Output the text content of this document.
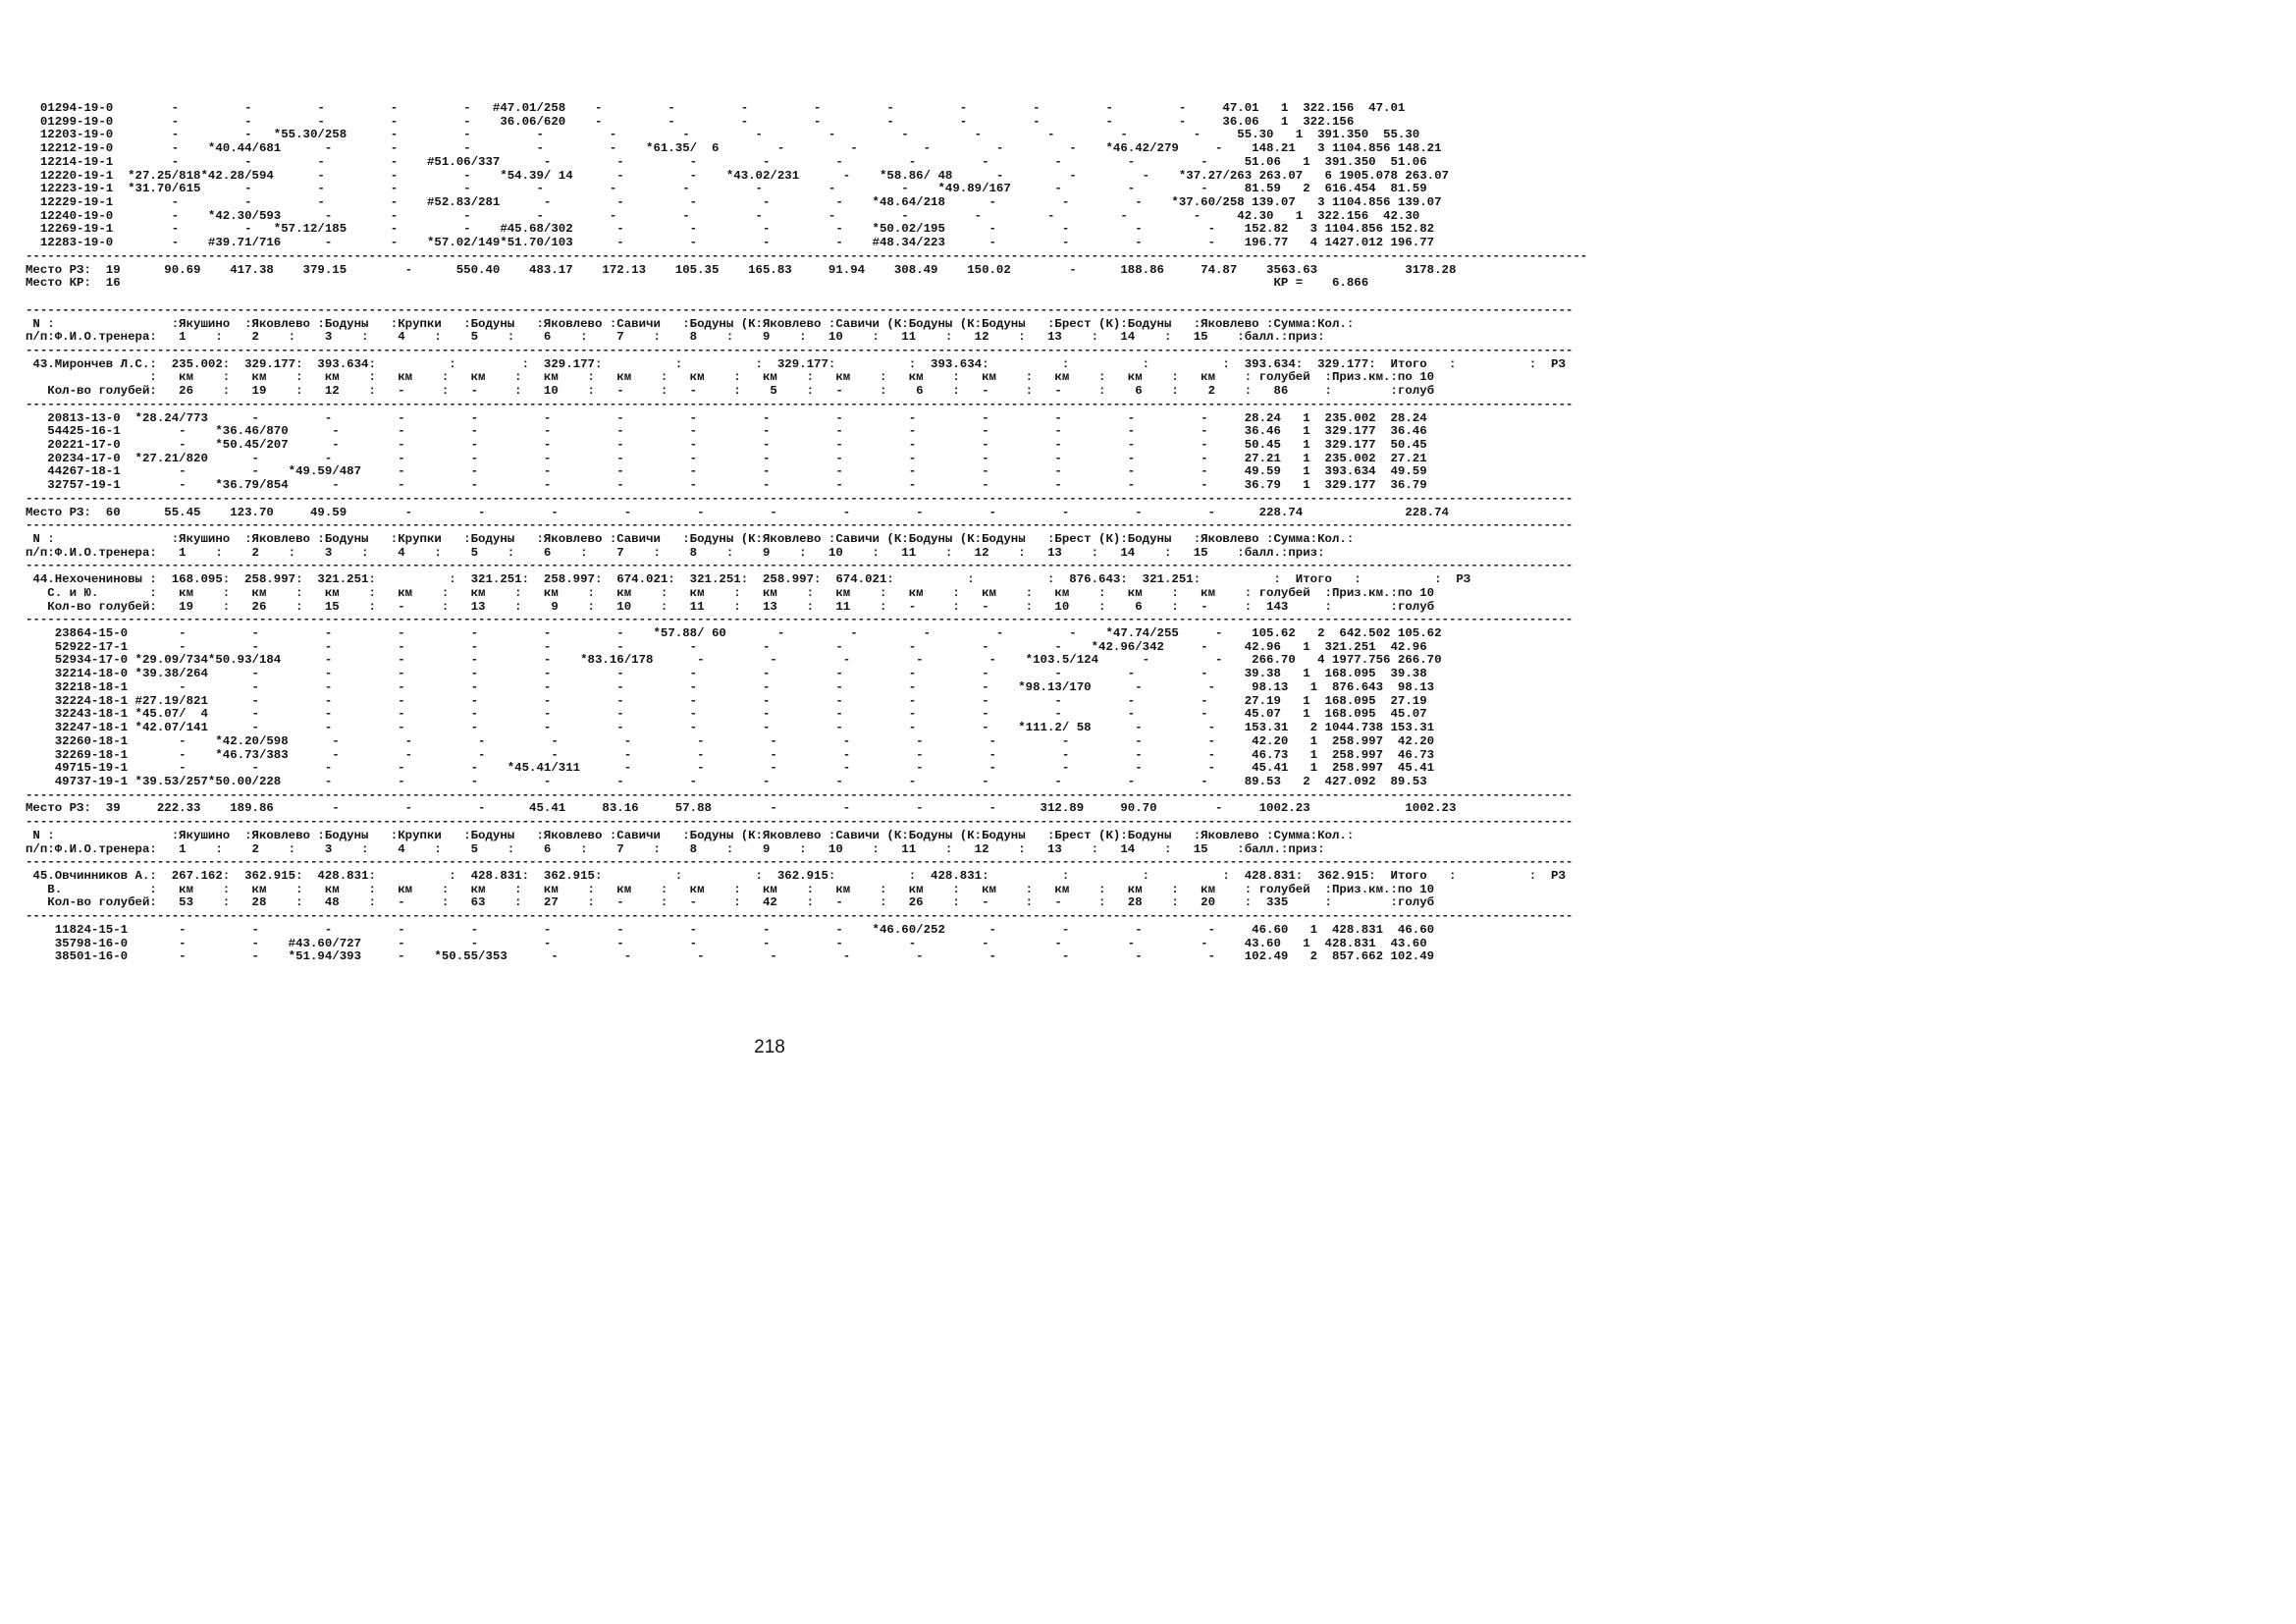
01294-19-0        -         -         -         -         -   #47.01/258    -         -         -         -         -         -         -         -         -     47.01   1  322.156  47.01
01299-19-0        -         -         -         -         -    36.06/620    -         -         -         -         -         -         -         -         -     36.06   1  322.156
12203-19-0        -         -   *55.30/258      -         -         -         -         -         -         -         -         -         -         -         -     55.30   1  391.350  55.30
12212-19-0        -    *40.44/681      -        -         -         -         -    *61.35/  6        -         -         -         -         -    *46.42/279     -    148.21   3 1104.856 148.21
12214-19-1        -         -         -         -    #51.06/337      -         -         -         -         -         -         -         -         -         -     51.06   1  391.350  51.06
12220-19-1  *27.25/818*42.28/594      -         -         -    *54.39/ 14      -         -    *43.02/231      -    *58.86/ 48      -         -         -    *37.27/263 263.07   6 1905.078 263.07
12223-19-1  *31.70/615      -         -         -         -         -         -         -         -         -         -    *49.89/167      -         -         -     81.59   2  616.454  81.59
12229-19-1        -         -         -         -    #52.83/281      -         -         -         -         -    *48.64/218      -         -         -    *37.60/258 139.07   3 1104.856 139.07
12240-19-0        -    *42.30/593      -        -         -         -         -         -         -         -         -         -         -         -         -     42.30   1  322.156  42.30
12269-19-1        -         -   *57.12/185      -         -    #45.68/302      -         -         -         -    *50.02/195      -         -         -         -    152.82   3 1104.856 152.82
12283-19-0        -    #39.71/716      -        -    *57.02/149*51.70/103      -         -         -         -    #48.34/223      -         -         -         -    196.77   4 1427.012 196.77
----------------------------------------------------------------------------------------------------------------------------------------------------------------------------------------------------------------------
Место РЗ:  19      90.69    417.38    379.15        -      550.40    483.17    172.13    105.35    165.83     91.94    308.49    150.02        -      188.86     74.87    3563.63            3178.28
Место КР:  16                                                                                                                                                              КР =    6.866
--------------------------------------------------------------------------------------------------------------------------------------------------------------------------------------------------------------------
N :                :Якушино  :Яковлево :Бодуны   :Крупки   :Бодуны   :Яковлево :Савичи   :Бодуны (К:Яковлево :Савичи (К:Бодуны (К:Бодуны   :Брест (К):Бодуны   :Яковлево :Сумма:Кол.:
п/п:Ф.И.О.тренера:   1    :    2    :    3    :    4    :    5    :    6    :    7    :    8    :    9    :   10    :   11    :   12    :   13    :   14    :   15    :балл.:приз:
--------------------------------------------------------------------------------------------------------------------------------------------------------------------------------------------------------------------
43.Мирончев Л.С.:  235.002:  329.177:  393.634:          :         :  329.177:          :          :  329.177:          :  393.634:          :          :          :  393.634:  329.177:  Итого   :          :  РЗ
:   км    :   км    :   км    :   км    :   км    :   км    :   км    :   км    :   км    :   км    :   км    :   км    :   км    :   км    :   км    : голубей  :Приз.км.:по 10
Кол-во голубей:   26    :   19    :   12    :   -     :   -     :   10    :   -     :   -     :    5    :   -     :    6    :   -     :   -     :    6    :    2    :   86     :        :голуб
--------------------------------------------------------------------------------------------------------------------------------------------------------------------------------------------------------------------
20813-13-0  *28.24/773      -         -         -         -         -         -         -         -         -         -         -         -         -         -     28.24   1  235.002  28.24
54425-16-1        -    *36.46/870      -        -         -         -         -         -         -         -         -         -         -         -         -     36.46   1  329.177  36.46
20221-17-0        -    *50.45/207      -        -         -         -         -         -         -         -         -         -         -         -         -     50.45   1  329.177  50.45
20234-17-0  *27.21/820      -         -         -         -         -         -         -         -         -         -         -         -         -         -     27.21   1  235.002  27.21
44267-18-1        -         -    *49.59/487     -         -         -         -         -         -         -         -         -         -         -         -     49.59   1  393.634  49.59
32757-19-1        -    *36.79/854      -        -         -         -         -         -         -         -         -         -         -         -         -     36.79   1  329.177  36.79
--------------------------------------------------------------------------------------------------------------------------------------------------------------------------------------------------------------------
Место РЗ:  60      55.45    123.70     49.59        -         -         -         -         -         -         -         -         -         -         -         -      228.74              228.74
--------------------------------------------------------------------------------------------------------------------------------------------------------------------------------------------------------------------
N :                :Якушино  :Яковлево :Бодуны   :Крупки   :Бодуны   :Яковлево :Савичи   :Бодуны (К:Яковлево :Савичи (К:Бодуны (К:Бодуны   :Брест (К):Бодуны   :Яковлево :Сумма:Кол.:
п/п:Ф.И.О.тренера:   1    :    2    :    3    :    4    :    5    :    6    :    7    :    8    :    9    :   10    :   11    :   12    :   13    :   14    :   15    :балл.:приз:
--------------------------------------------------------------------------------------------------------------------------------------------------------------------------------------------------------------------
44.Нехочениновы :  168.095:  258.997:  321.251:          :  321.251:  258.997:  674.021:  321.251:  258.997:  674.021:          :          :  876.643:  321.251:          :  Итого   :          :  РЗ
С. и Ю.       :   км    :   км    :   км    :   км    :   км    :   км    :   км    :   км    :   км    :   км    :   км    :   км    :   км    :   км    :   км    : голубей  :Приз.км.:по 10
Кол-во голубей:   19    :   26    :   15    :   -     :   13    :    9    :   10    :   11    :   13    :   11    :   -     :   -     :   10    :    6    :   -     :  143     :        :голуб
--------------------------------------------------------------------------------------------------------------------------------------------------------------------------------------------------------------------
23864-15-0       -         -         -         -         -         -         -    *57.88/ 60       -         -         -         -         -    *47.74/255     -    105.62   2  642.502 105.62
52922-17-1       -         -         -         -         -         -         -         -         -         -         -         -         -    *42.96/342     -     42.96   1  321.251  42.96
52934-17-0 *29.09/734*50.93/184      -         -         -         -    *83.16/178      -         -         -         -         -    *103.5/124      -         -    266.70   4 1977.756 266.70
32214-18-0 *39.38/264      -         -         -         -         -         -         -         -         -         -         -         -         -         -     39.38   1  168.095  39.38
32218-18-1       -         -         -         -         -         -         -         -         -         -         -         -    *98.13/170      -         -     98.13   1  876.643  98.13
32224-18-1 #27.19/821      -         -         -         -         -         -         -         -         -         -         -         -         -         -     27.19   1  168.095  27.19
32243-18-1 *45.07/  4      -         -         -         -         -         -         -         -         -         -         -         -         -         -     45.07   1  168.095  45.07
32247-18-1 *42.07/141      -         -         -         -         -         -         -         -         -         -         -    *111.2/ 58      -         -    153.31   2 1044.738 153.31
32260-18-1       -    *42.20/598      -         -         -         -         -         -         -         -         -         -         -         -         -     42.20   1  258.997  42.20
32269-18-1       -    *46.73/383      -         -         -         -         -         -         -         -         -         -         -         -         -     46.73   1  258.997  46.73
49715-19-1       -         -         -         -         -    *45.41/311      -         -         -         -         -         -         -         -         -     45.41   1  258.997  45.41
49737-19-1 *39.53/257*50.00/228      -         -         -         -         -         -         -         -         -         -         -         -         -     89.53   2  427.092  89.53
--------------------------------------------------------------------------------------------------------------------------------------------------------------------------------------------------------------------
Место РЗ:  39     222.33    189.86        -         -         -      45.41     83.16     57.88        -         -         -         -      312.89     90.70        -     1002.23             1002.23
--------------------------------------------------------------------------------------------------------------------------------------------------------------------------------------------------------------------
N :                :Якушино  :Яковлево :Бодуны   :Крупки   :Бодуны   :Яковлево :Савичи   :Бодуны (К:Яковлево :Савичи (К:Бодуны (К:Бодуны   :Брест (К):Бодуны   :Яковлево :Сумма:Кол.:
п/п:Ф.И.О.тренера:   1    :    2    :    3    :    4    :    5    :    6    :    7    :    8    :    9    :   10    :   11    :   12    :   13    :   14    :   15    :балл.:приз:
--------------------------------------------------------------------------------------------------------------------------------------------------------------------------------------------------------------------
45.Овчинников А.:  267.162:  362.915:  428.831:          :  428.831:  362.915:          :          :  362.915:          :  428.831:          :          :          :  428.831:  362.915:  Итого   :          :  РЗ
В.            :   км    :   км    :   км    :   км    :   км    :   км    :   км    :   км    :   км    :   км    :   км    :   км    :   км    :   км    :   км    : голубей  :Приз.км.:по 10
Кол-во голубей:   53    :   28    :   48    :   -     :   63    :   27    :   -     :   -     :   42    :   -     :   26    :   -     :   -     :   28    :   20    :  335     :        :голуб
--------------------------------------------------------------------------------------------------------------------------------------------------------------------------------------------------------------------
11824-15-1       -         -         -         -         -         -         -         -         -         -    *46.60/252      -         -         -         -     46.60   1  428.831  46.60
35798-16-0       -         -    #43.60/727     -         -         -         -         -         -         -         -         -         -         -         -     43.60   1  428.831  43.60
38501-16-0       -         -    *51.94/393     -    *50.55/353      -         -         -         -         -         -         -         -         -         -    102.49   2  857.662 102.49
218
